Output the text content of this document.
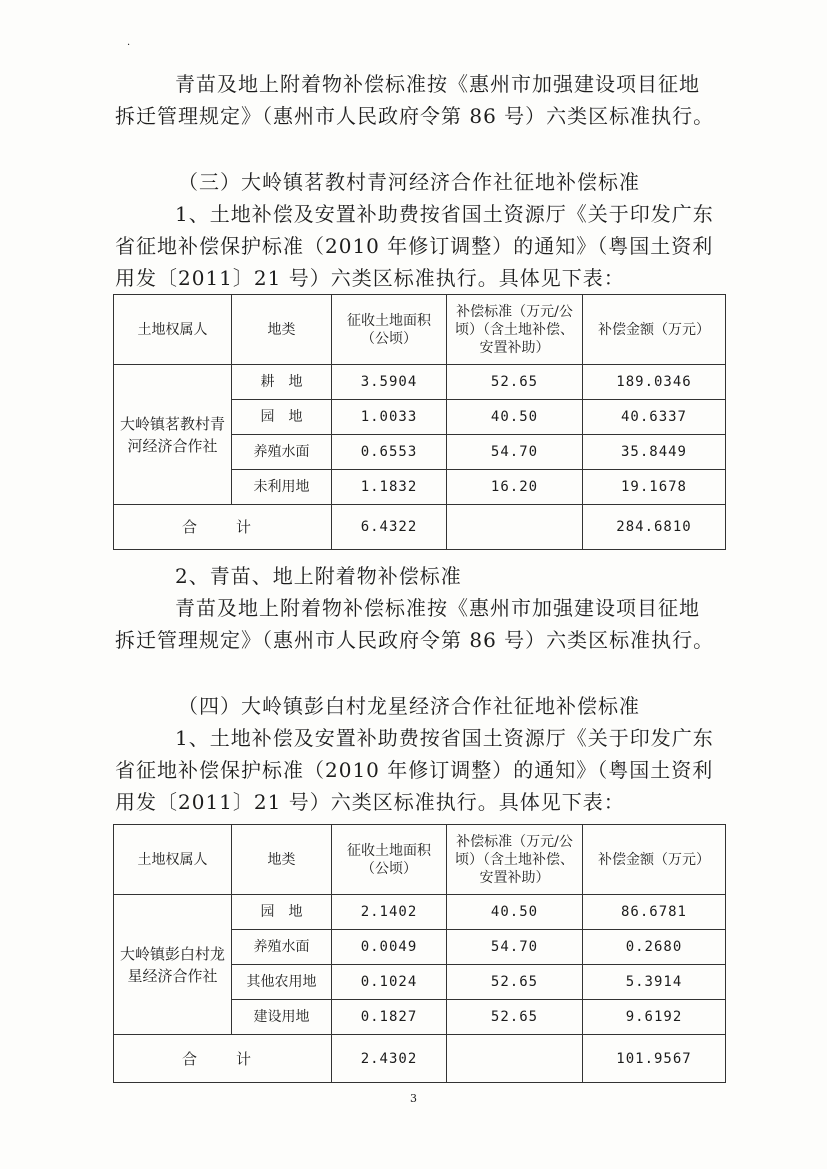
·

青苗及地上附着物补偿标准按《惠州市加强建设项目征地拆迁管理规定》（惠州市人民政府令第 86 号）六类区标准执行。

（三）大岭镇茗教村青河经济合作社征地补偿标准

1、土地补偿及安置补助费按省国土资源厅《关于印发广东省征地补偿保护标准（2010 年修订调整）的通知》（粤国土资利用发〔2011〕21 号）六类区标准执行。具体见下表：

土地权属人	地类	征收土地面积（公顷）	补偿标准（万元/公顷）（含土地补偿、安置补助）	补偿金额（万元）
大岭镇茗教村青河经济合作社	耕　地	3.5904	52.65	189.0346
	园　地	1.0033	40.50	40.6337
	养殖水面	0.6553	54.70	35.8449
	未利用地	1.1832	16.20	19.1678
合　计		6.4322		284.6810

2、青苗、地上附着物补偿标准

青苗及地上附着物补偿标准按《惠州市加强建设项目征地拆迁管理规定》（惠州市人民政府令第 86 号）六类区标准执行。

（四）大岭镇彭白村龙星经济合作社征地补偿标准

1、土地补偿及安置补助费按省国土资源厅《关于印发广东省征地补偿保护标准（2010 年修订调整）的通知》（粤国土资利用发〔2011〕21 号）六类区标准执行。具体见下表：

土地权属人	地类	征收土地面积（公顷）	补偿标准（万元/公顷）（含土地补偿、安置补助）	补偿金额（万元）
大岭镇彭白村龙星经济合作社	园　地	2.1402	40.50	86.6781
	养殖水面	0.0049	54.70	0.2680
	其他农用地	0.1024	52.65	5.3914
	建设用地	0.1827	52.65	9.6192
合　计		2.4302		101.9567
3
